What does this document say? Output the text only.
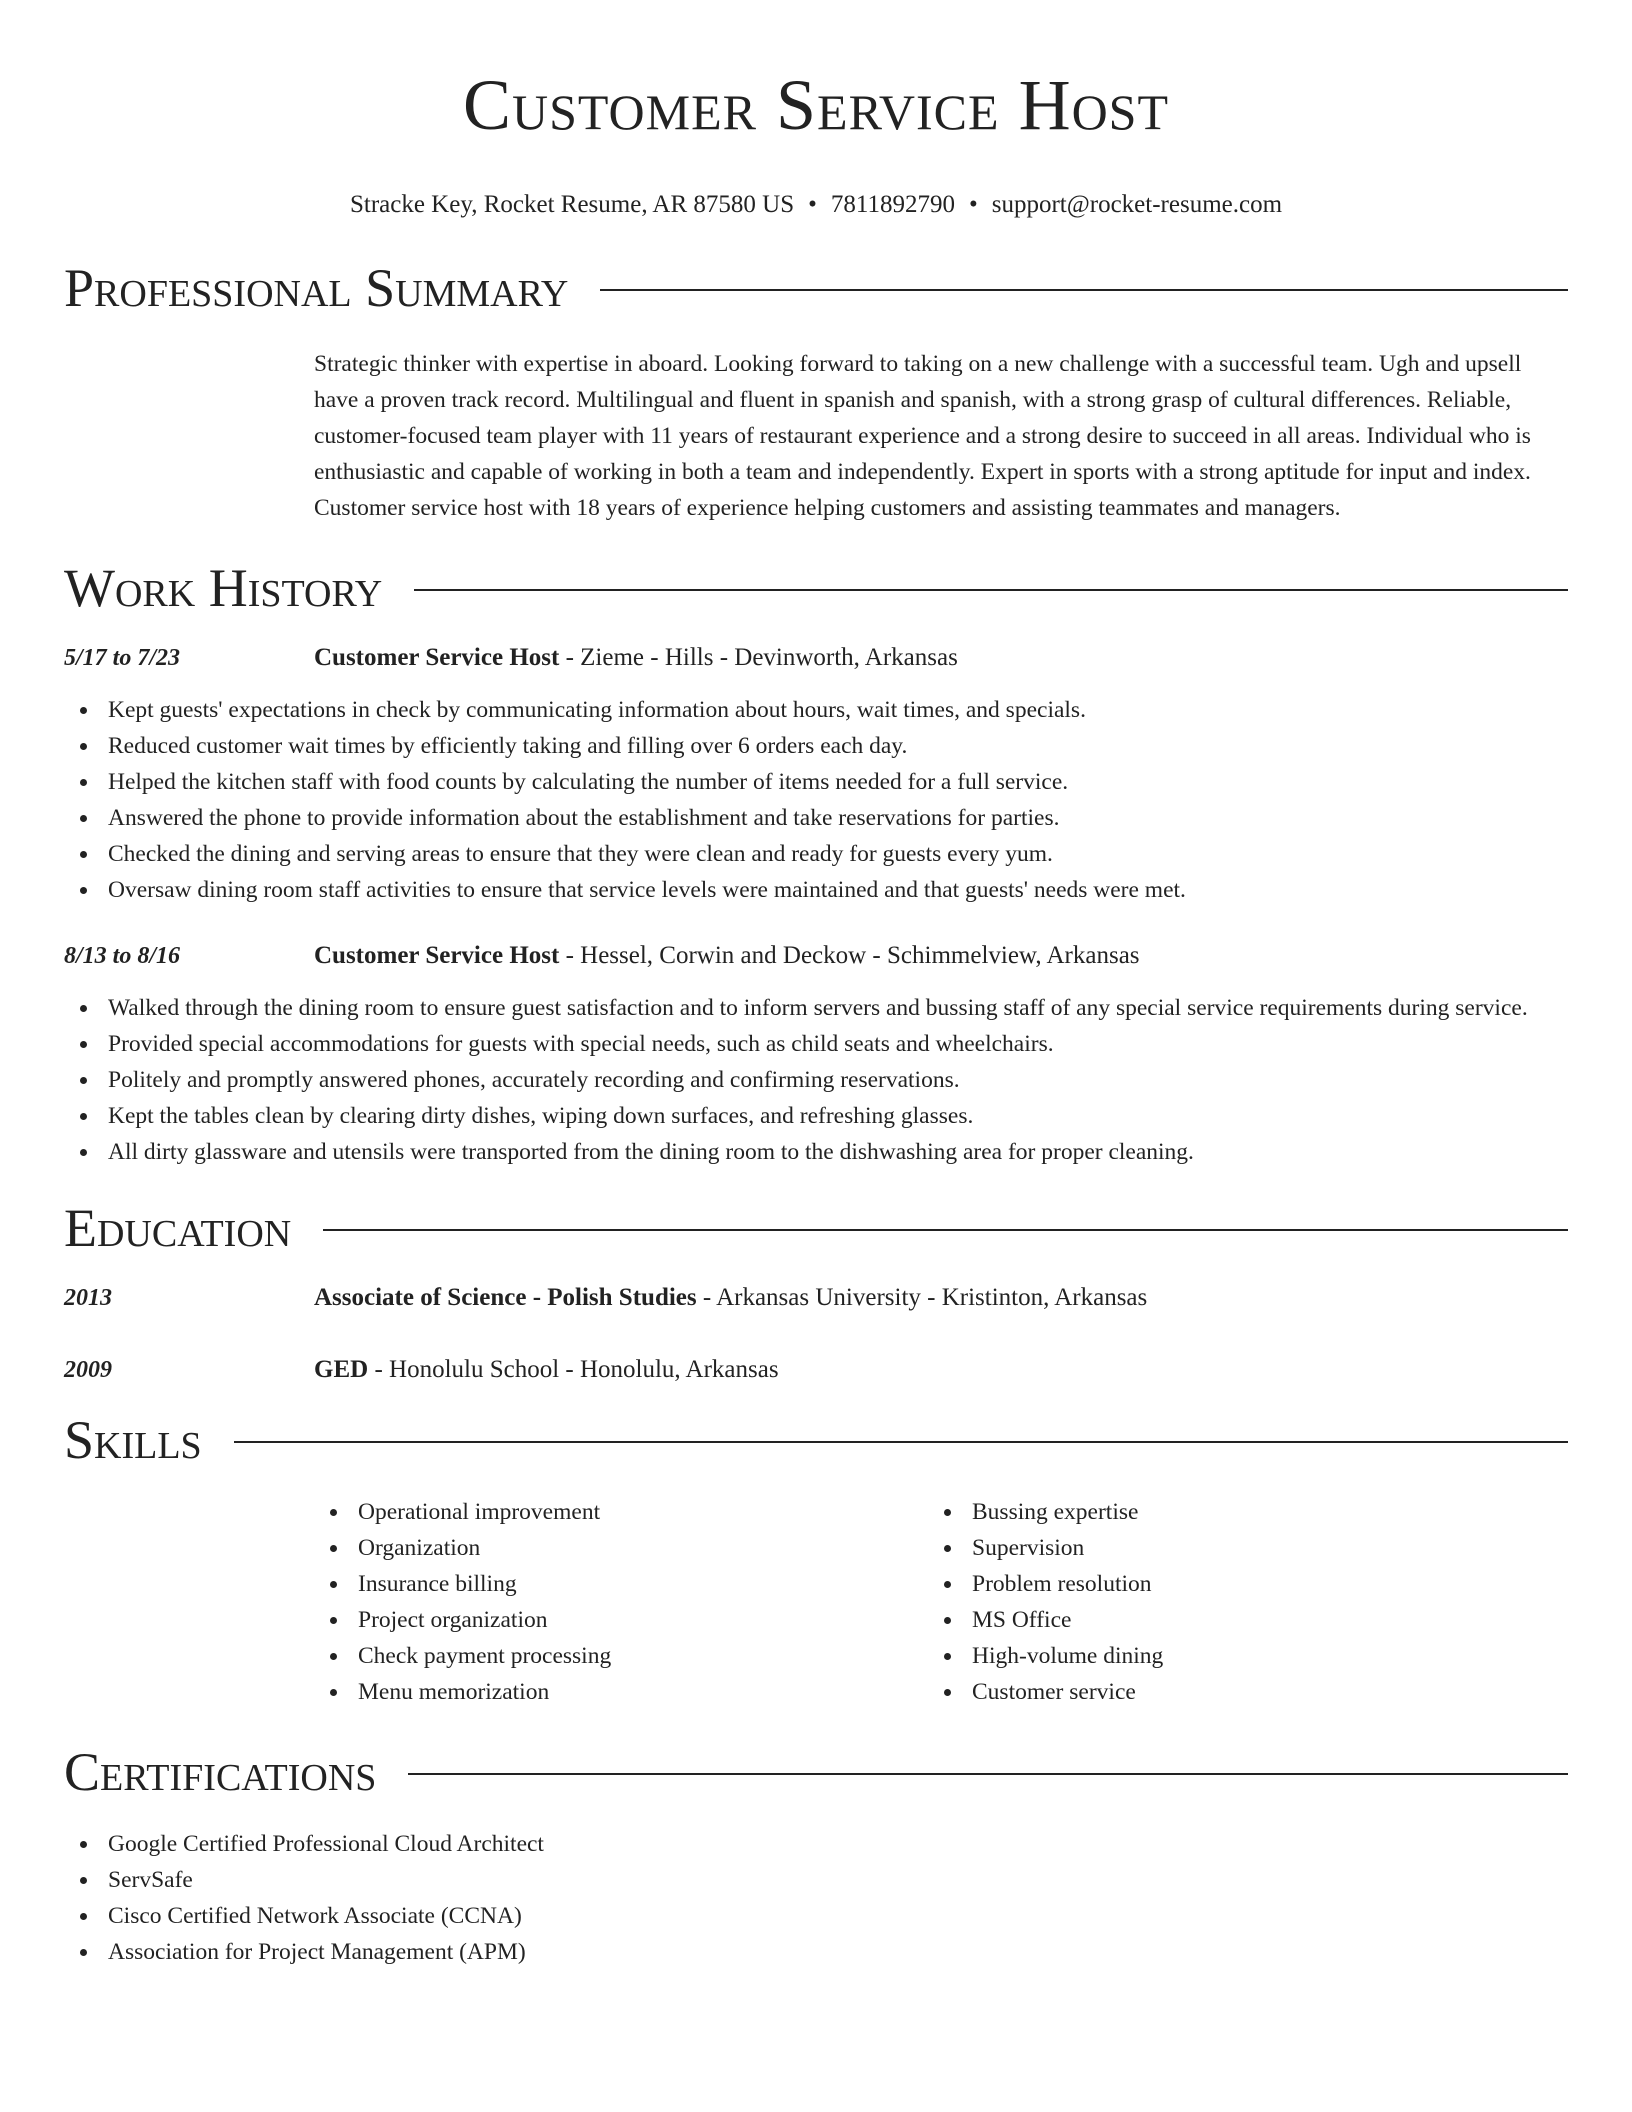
Customer Service Host
Stracke Key, Rocket Resume, AR 87580 US • 7811892790 • support@rocket-resume.com
Professional Summary
Strategic thinker with expertise in aboard. Looking forward to taking on a new challenge with a successful team. Ugh and upsell have a proven track record. Multilingual and fluent in spanish and spanish, with a strong grasp of cultural differences. Reliable, customer-focused team player with 11 years of restaurant experience and a strong desire to succeed in all areas. Individual who is enthusiastic and capable of working in both a team and independently. Expert in sports with a strong aptitude for input and index. Customer service host with 18 years of experience helping customers and assisting teammates and managers.
Work History
5/17 to 7/23	Customer Service Host - Zieme - Hills - Devinworth, Arkansas
Kept guests' expectations in check by communicating information about hours, wait times, and specials.
Reduced customer wait times by efficiently taking and filling over 6 orders each day.
Helped the kitchen staff with food counts by calculating the number of items needed for a full service.
Answered the phone to provide information about the establishment and take reservations for parties.
Checked the dining and serving areas to ensure that they were clean and ready for guests every yum.
Oversaw dining room staff activities to ensure that service levels were maintained and that guests' needs were met.
8/13 to 8/16	Customer Service Host - Hessel, Corwin and Deckow - Schimmelview, Arkansas
Walked through the dining room to ensure guest satisfaction and to inform servers and bussing staff of any special service requirements during service.
Provided special accommodations for guests with special needs, such as child seats and wheelchairs.
Politely and promptly answered phones, accurately recording and confirming reservations.
Kept the tables clean by clearing dirty dishes, wiping down surfaces, and refreshing glasses.
All dirty glassware and utensils were transported from the dining room to the dishwashing area for proper cleaning.
Education
2013	Associate of Science - Polish Studies - Arkansas University - Kristinton, Arkansas
2009	GED - Honolulu School - Honolulu, Arkansas
Skills
Operational improvement
Organization
Insurance billing
Project organization
Check payment processing
Menu memorization
Bussing expertise
Supervision
Problem resolution
MS Office
High-volume dining
Customer service
Certifications
Google Certified Professional Cloud Architect
ServSafe
Cisco Certified Network Associate (CCNA)
Association for Project Management (APM)
